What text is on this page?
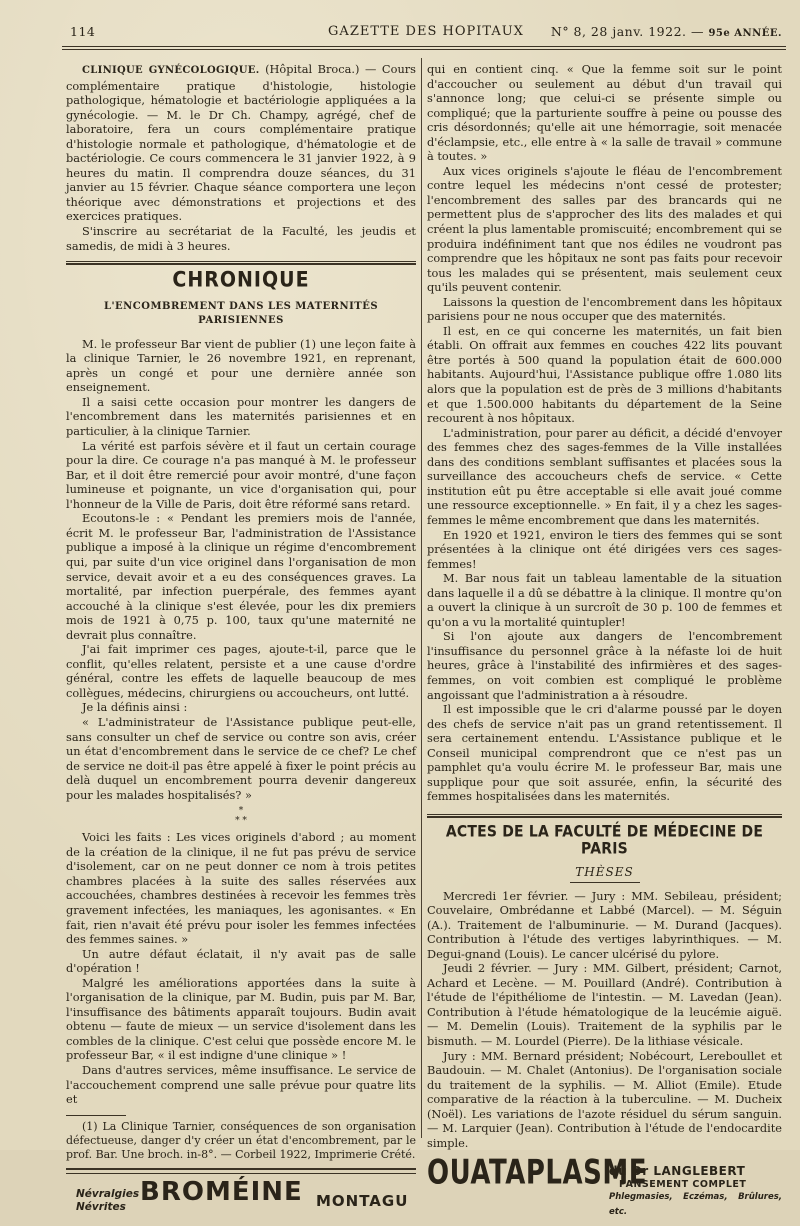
114	GAZETTE DES HOPITAUX	N° 8, 28 janv. 1922. — 95e ANNÉE.

CLINIQUE GYNÉCOLOGIQUE. (Hôpital Broca.) — Cours complémentaire pratique d'histologie, histologie pathologique, hématologie et bactériologie appliquées a la gynécologie. — M. le Dr Ch. Champy, agrégé, chef de laboratoire, fera un cours complémentaire pratique d'histologie normale et pathologique, d'hématologie et de bactériologie. Ce cours commencera le 31 janvier 1922, à 9 heures du matin. Il comprendra douze séances, du 31 janvier au 15 février. Chaque séance comportera une leçon théorique avec démonstrations et projections et des exercices pratiques.

S'inscrire au secrétariat de la Faculté, les jeudis et samedis, de midi à 3 heures.

CHRONIQUE
L'ENCOMBREMENT DANS LES MATERNITÉS PARISIENNES

M. le professeur Bar vient de publier (1) une leçon faite à la clinique Tarnier, le 26 novembre 1921, en reprenant, après un congé et pour une dernière année son enseignement.

Il a saisi cette occasion pour montrer les dangers de l'encombrement dans les maternités parisiennes et en particulier, à la clinique Tarnier.

La vérité est parfois sévère et il faut un certain courage pour la dire. Ce courage n'a pas manqué à M. le professeur Bar, et il doit être remercié pour avoir montré, d'une façon lumineuse et poignante, un vice d'organisation qui, pour l'honneur de la Ville de Paris, doit être réformé sans retard.

Ecoutons-le : « Pendant les premiers mois de l'année, écrit M. le professeur Bar, l'administration de l'Assistance publique a imposé à la clinique un régime d'encombrement qui, par suite d'un vice originel dans l'organisation de mon service, devait avoir et a eu des conséquences graves. La mortalité, par infection puerpérale, des femmes ayant accouché à la clinique s'est élevée, pour les dix premiers mois de 1921 à 0,75 p. 100, taux qu'une maternité ne devrait plus connaître.

J'ai fait imprimer ces pages, ajoute-t-il, parce que le conflit, qu'elles relatent, persiste et a une cause d'ordre général, contre les effets de laquelle beaucoup de mes collègues, médecins, chirurgiens ou accoucheurs, ont lutté.

Je la définis ainsi :

« L'administrateur de l'Assistance publique peut-elle, sans consulter un chef de service ou contre son avis, créer un état d'encombrement dans le service de ce chef? Le chef de service ne doit-il pas être appelé à fixer le point précis au delà duquel un encombrement pourra devenir dangereux pour les malades hospitalisés? »

*
* *

Voici les faits : Les vices originels d'abord ; au moment de la création de la clinique, il ne fut pas prévu de service d'isolement, car on ne peut donner ce nom à trois petites chambres placées à la suite des salles réservées aux accouchées, chambres destinées à recevoir les femmes très gravement infectées, les maniaques, les agonisantes. « En fait, rien n'avait été prévu pour isoler les femmes infectées des femmes saines. »

Un autre défaut éclatait, il n'y avait pas de salle d'opération !

Malgré les améliorations apportées dans la suite à l'organisation de la clinique, par M. Budin, puis par M. Bar, l'insuffisance des bâtiments apparaît toujours. Budin avait obtenu — faute de mieux — un service d'isolement dans les combles de la clinique. C'est celui que possède encore M. le professeur Bar, « il est indigne d'une clinique » !

Dans d'autres services, même insuffisance. Le service de l'accouchement comprend une salle prévue pour quatre lits et

(1) La Clinique Tarnier, conséquences de son organisation défectueuse, danger d'y créer un état d'encombrement, par le prof. Bar. Une broch. in-8°. — Corbeil 1922, Imprimerie Crété.

Névralgies
Névrites BROMÉINE MONTAGU

qui en contient cinq. « Que la femme soit sur le point d'accoucher ou seulement au début d'un travail qui s'annonce long; que celui-ci se présente simple ou compliqué; que la parturiente souffre à peine ou pousse des cris désordonnés; qu'elle ait une hémorragie, soit menacée d'éclampsie, etc., elle entre à « la salle de travail » commune à toutes. »

Aux vices originels s'ajoute le fléau de l'encombrement contre lequel les médecins n'ont cessé de protester; l'encombrement des salles par des brancards qui ne permettent plus de s'approcher des lits des malades et qui créent la plus lamentable promiscuité; encombrement qui se produira indéfiniment tant que nos édiles ne voudront pas comprendre que les hôpitaux ne sont pas faits pour recevoir tous les malades qui se présentent, mais seulement ceux qu'ils peuvent contenir.

Laissons la question de l'encombrement dans les hôpitaux parisiens pour ne nous occuper que des maternités.

Il est, en ce qui concerne les maternités, un fait bien établi. On offrait aux femmes en couches 422 lits pouvant être portés à 500 quand la population était de 600.000 habitants. Aujourd'hui, l'Assistance publique offre 1.080 lits alors que la population est de près de 3 millions d'habitants et que 1.500.000 habitants du département de la Seine recourent à nos hôpitaux.

L'administration, pour parer au déficit, a décidé d'envoyer des femmes chez des sages-femmes de la Ville installées dans des conditions semblant suffisantes et placées sous la surveillance des accoucheurs chefs de service. « Cette institution eût pu être acceptable si elle avait joué comme une ressource exceptionnelle. » En fait, il y a chez les sages-femmes le même encombrement que dans les maternités.

En 1920 et 1921, environ le tiers des femmes qui se sont présentées à la clinique ont été dirigées vers ces sages-femmes!

M. Bar nous fait un tableau lamentable de la situation dans laquelle il a dû se débattre à la clinique. Il montre qu'on a ouvert la clinique à un surcroît de 30 p. 100 de femmes et qu'on a vu la mortalité quintupler!

Si l'on ajoute aux dangers de l'encombrement l'insuffisance du personnel grâce à la néfaste loi de huit heures, grâce à l'instabilité des infirmières et des sages-femmes, on voit combien est compliqué le problème angoissant que l'administration a à résoudre.

Il est impossible que le cri d'alarme poussé par le doyen des chefs de service n'ait pas un grand retentissement. Il sera certainement entendu. L'Assistance publique et le Conseil municipal comprendront que ce n'est pas un pamphlet qu'a voulu écrire M. le professeur Bar, mais une supplique pour que soit assurée, enfin, la sécurité des femmes hospitalisées dans les maternités.

ACTES DE LA FACULTÉ DE MÉDECINE DE PARIS
THÈSES

Mercredi 1er février. — Jury : MM. Sebileau, président; Couvelaire, Ombrédanne et Labbé (Marcel). — M. Séguin (A.). Traitement de l'albuminurie. — M. Durand (Jacques). Contribution à l'étude des vertiges labyrinthiques. — M. Degui-gnand (Louis). Le cancer ulcérisé du pylore.

Jeudi 2 février. — Jury : MM. Gilbert, président; Carnot, Achard et Lecène. — M. Pouillard (André). Contribution à l'étude de l'épithéliome de l'intestin. — M. Lavedan (Jean). Contribution à l'étude hématologique de la leucémie aiguë. — M. Demelin (Louis). Traitement de la syphilis par le bismuth. — M. Lourdel (Pierre). De la lithiase vésicale.

Jury : MM. Bernard président; Nobécourt, Lereboullet et Baudouin. — M. Chalet (Antonius). De l'organisation sociale du traitement de la syphilis. — M. Alliot (Emile). Etude comparative de la réaction à la tuberculine. — M. Ducheix (Noël). Les variations de l'azote résiduel du sérum sanguin. — M. Larquier (Jean). Contribution à l'étude de l'endocardite simple.

OUATAPLASME
du Dr LANGLEBERT
PANSEMENT COMPLET
Phlegmasies, Eczémas, Brûlures, etc.
